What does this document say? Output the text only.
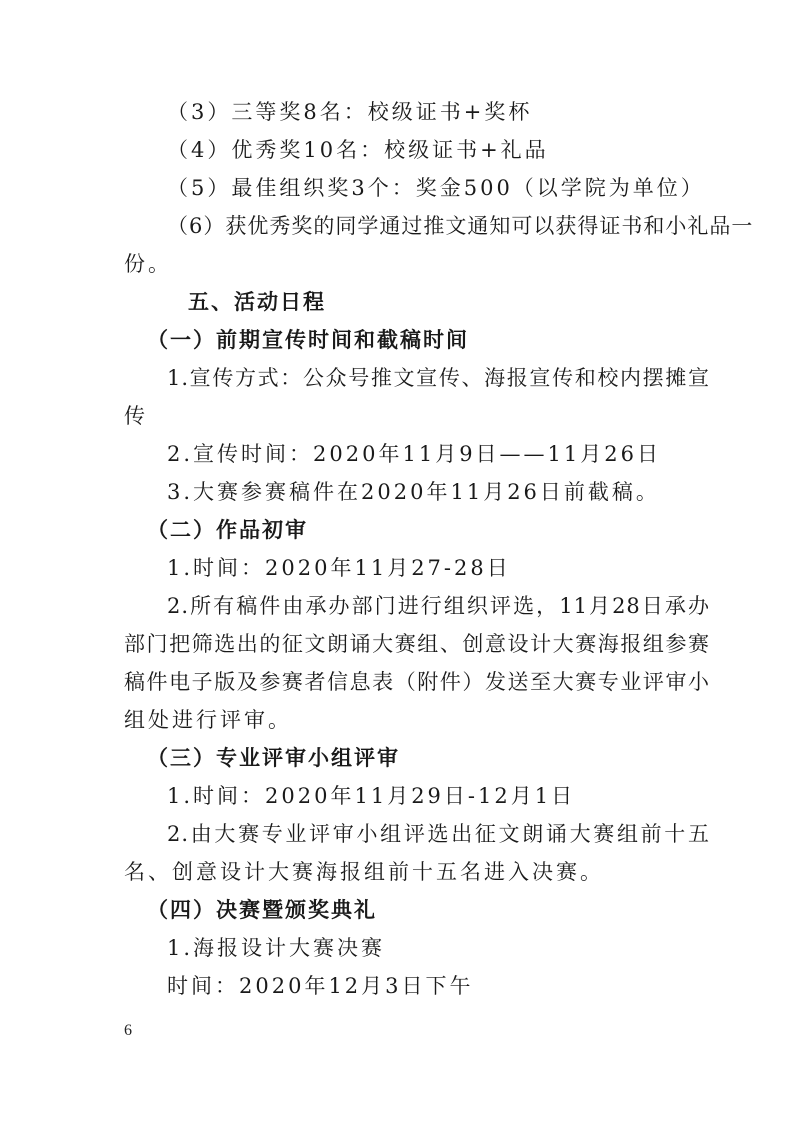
（3）三等奖8名：校级证书+奖杯
（4）优秀奖10名：校级证书+礼品
（5）最佳组织奖3个：奖金500（以学院为单位）
（6）获优秀奖的同学通过推文通知可以获得证书和小礼品一
份。
五、活动日程
（一）前期宣传时间和截稿时间
1.宣传方式：公众号推文宣传、海报宣传和校内摆摊宣
传
2.宣传时间：2020年11月9日——11月26日
3.大赛参赛稿件在2020年11月26日前截稿。
（二）作品初审
1.时间：2020年11月27-28日
2.所有稿件由承办部门进行组织评选，11月28日承办
部门把筛选出的征文朗诵大赛组、创意设计大赛海报组参赛
稿件电子版及参赛者信息表（附件）发送至大赛专业评审小
组处进行评审。
（三）专业评审小组评审
1.时间：2020年11月29日-12月1日
2.由大赛专业评审小组评选出征文朗诵大赛组前十五
名、创意设计大赛海报组前十五名进入决赛。
（四）决赛暨颁奖典礼
1.海报设计大赛决赛
时间：2020年12月3日下午
6
